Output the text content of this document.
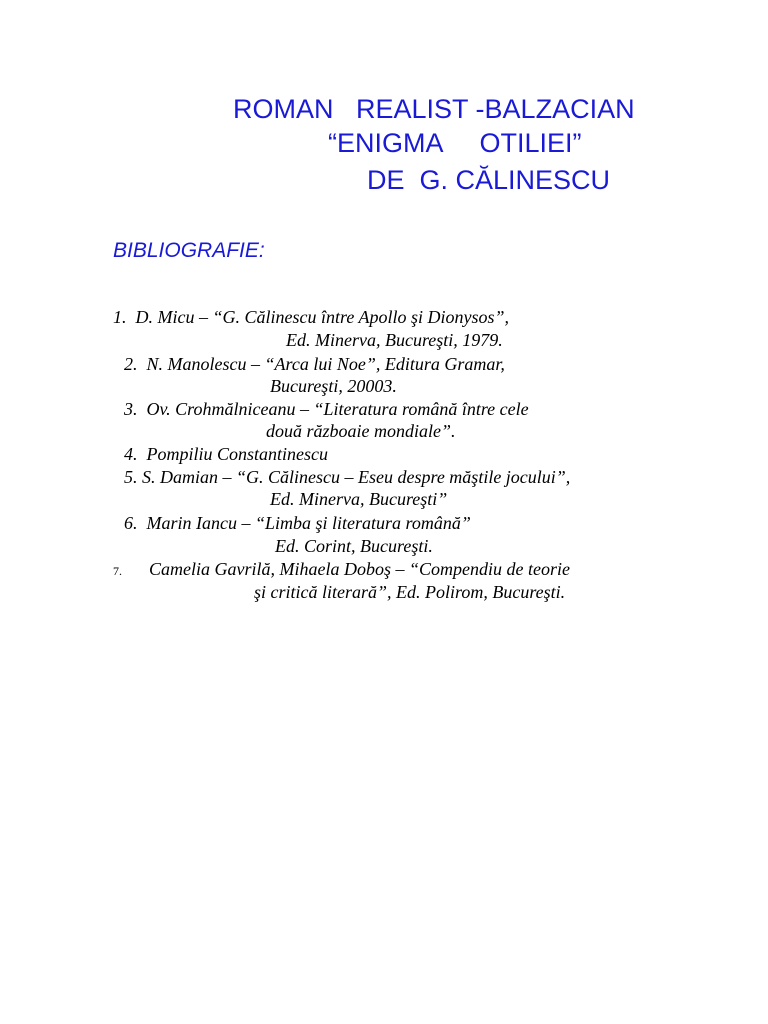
ROMAN   REALIST -BALZACIAN
“ENIGMA     OTILIEI”
DE  G. CĂLINESCU
BIBLIOGRAFIE:
1.  D. Micu – “G. Călinescu între Apollo şi Dionysos”,
Ed. Minerva, Bucureşti, 1979.
2.  N. Manolescu – “Arca lui Noe”, Editura Gramar,
Bucureşti, 20003.
3.  Ov. Crohmălniceanu – “Literatura română între cele
două războaie mondiale”.
4.  Pompiliu Constantinescu
5. S. Damian – “G. Călinescu – Eseu despre măştile jocului”,
Ed. Minerva, Bucureşti”
6.  Marin Iancu – “Limba şi literatura română”
Ed. Corint, Bucureşti.
7. Camelia Gavrilă, Mihaela Doboş – “Compendiu de teorie
şi critică literară”, Ed. Polirom, Bucureşti.
